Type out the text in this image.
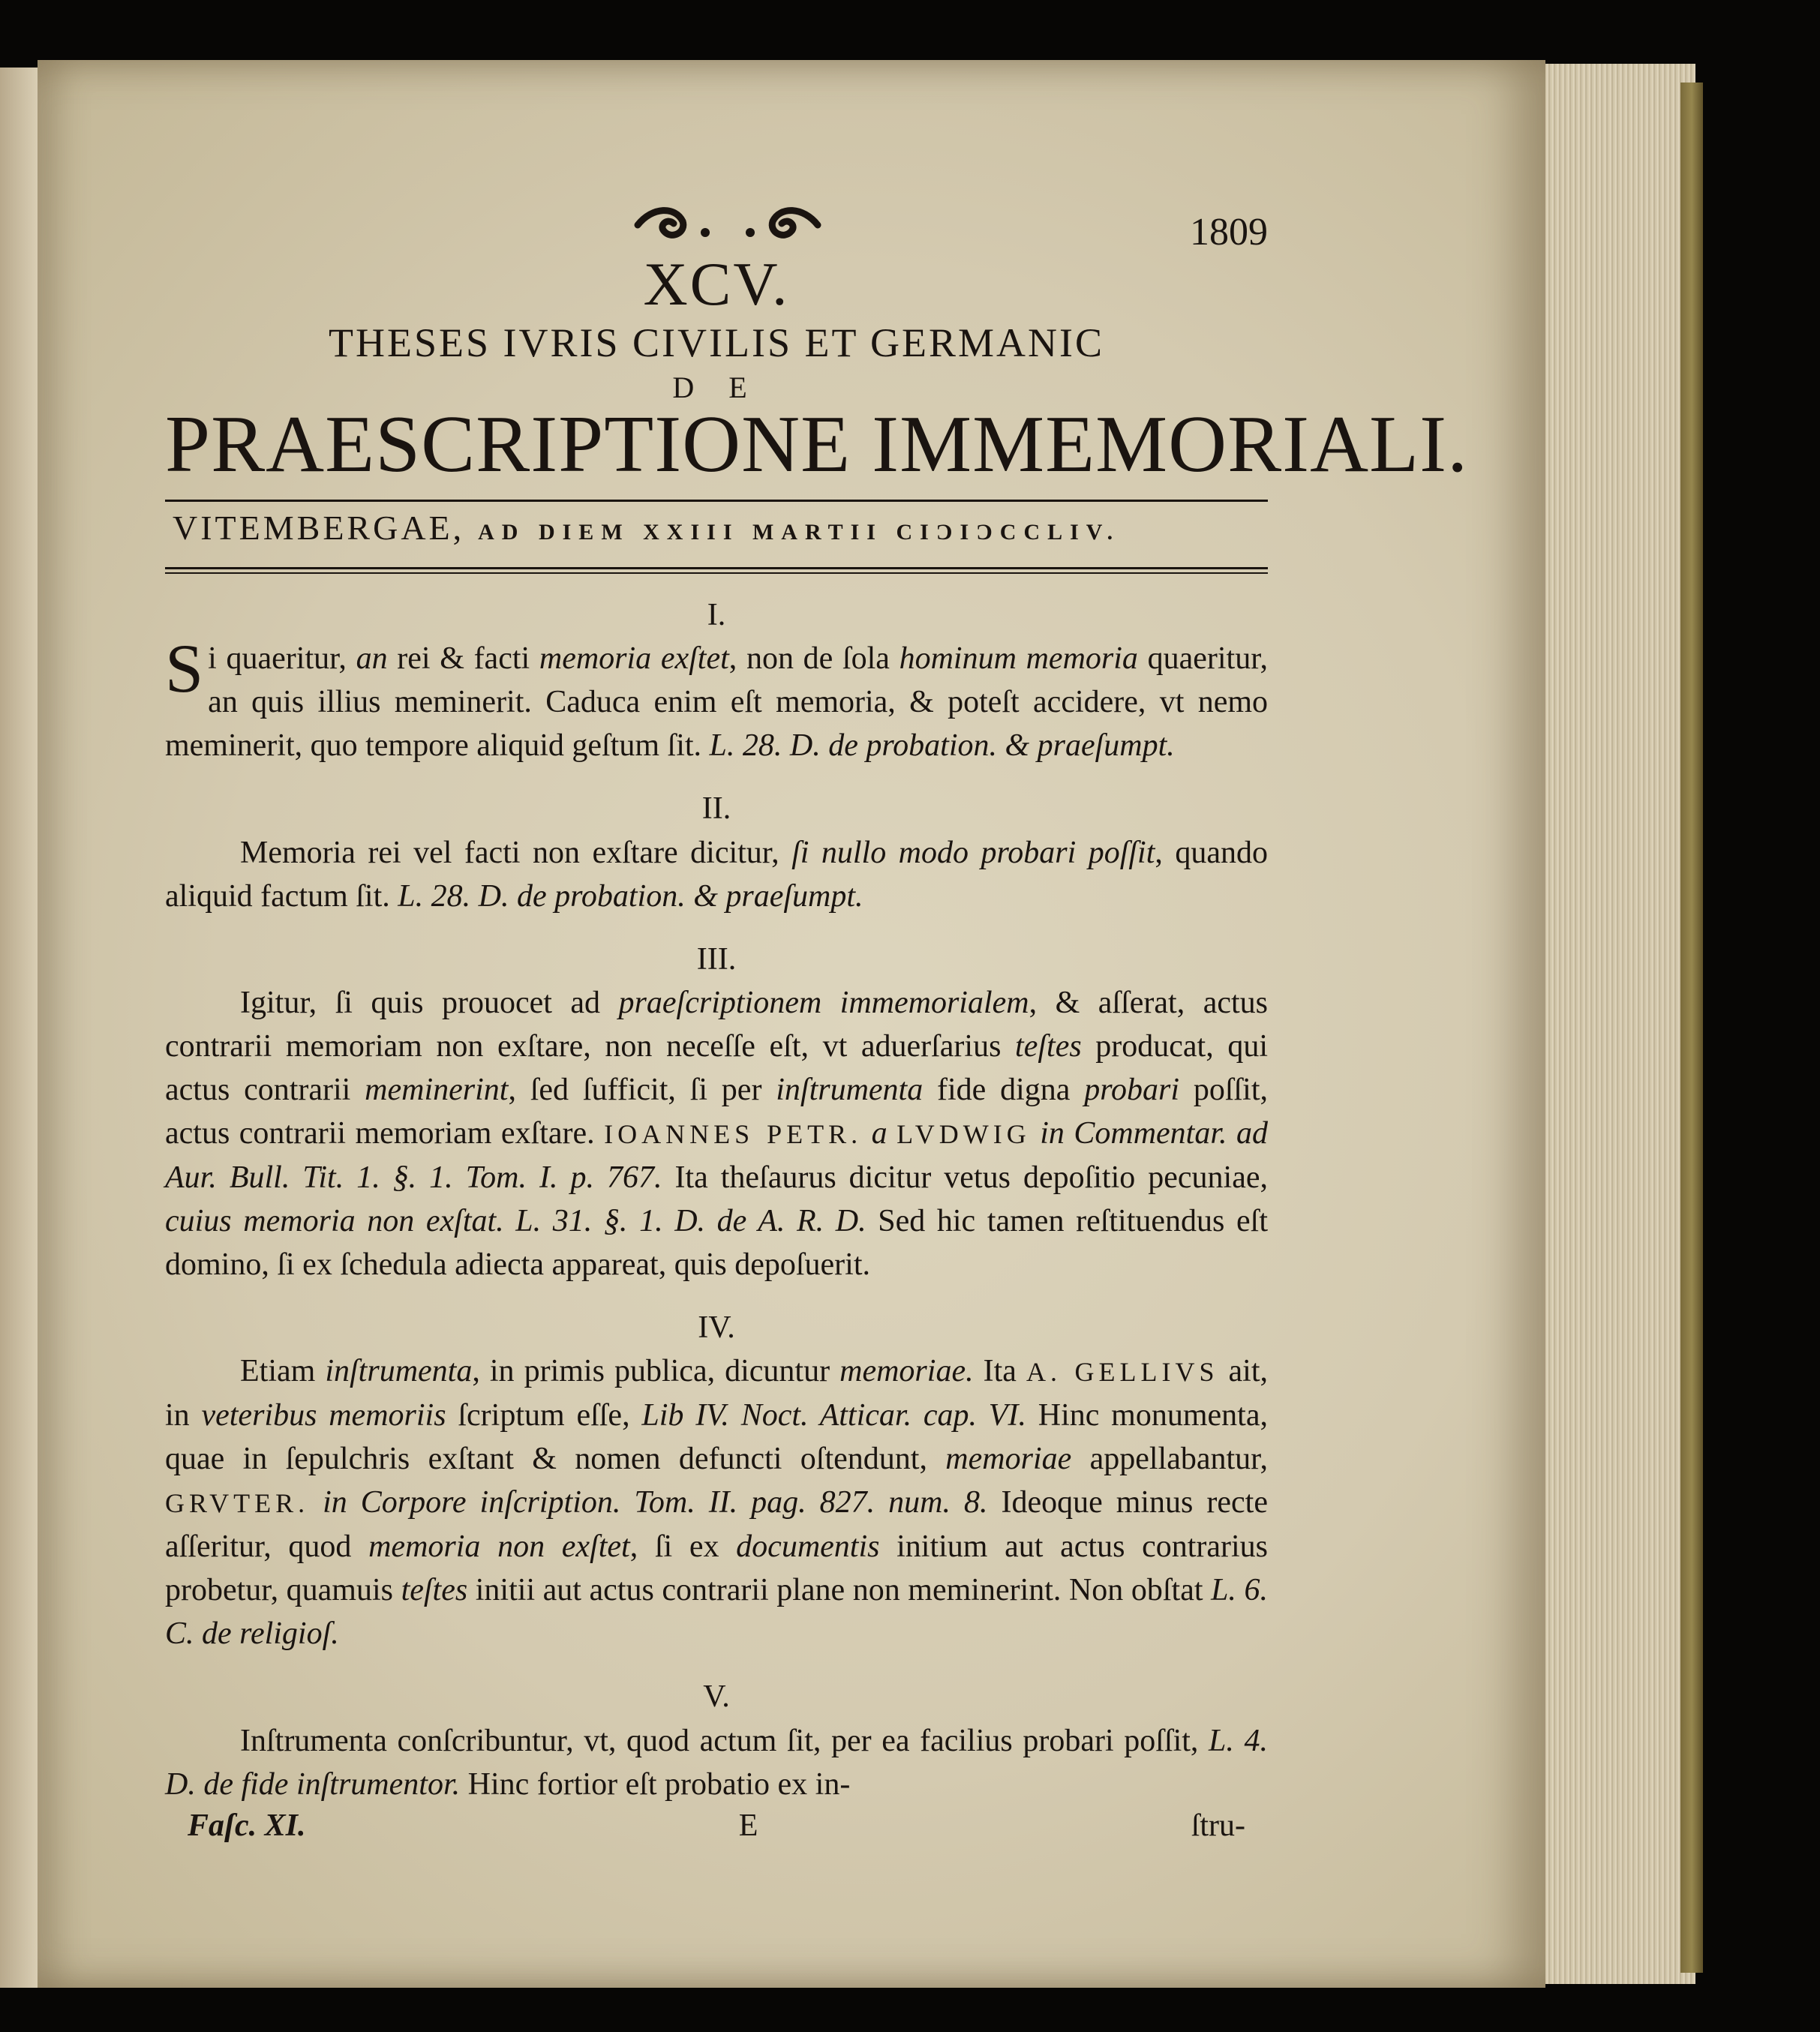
1809
XCV.
THESES IVRIS CIVILIS ET GERMANIC
D E
PRAESCRIPTIONE IMMEMORIALI.
VITEMBERGAE, AD DIEM XXIII MARTII CIƆIƆCCLIV.
I.

Si quaeritur, an rei & facti memoria exſtet, non de ſola hominum memoria quaeritur, an quis illius meminerit. Caduca enim eſt memoria, & poteſt accidere, vt nemo meminerit, quo tempore aliquid geſtum ſit. L. 28. D. de probation. & praeſumpt.

II.

Memoria rei vel facti non exſtare dicitur, ſi nullo modo probari poſſit, quando aliquid factum ſit. L. 28. D. de probation. & praeſumpt.

III.

Igitur, ſi quis prouocet ad praeſcriptionem immemorialem, & aſſerat, actus contrarii memoriam non exſtare, non neceſſe eſt, vt aduerſarius teſtes producat, qui actus contrarii meminerint, ſed ſufficit, ſi per inſtrumenta fide digna probari poſſit, actus contrarii memoriam exſtare. IOANNES PETR. a LVDWIG in Commentar. ad Aur. Bull. Tit. 1. §. 1. Tom. I. p. 767. Ita theſaurus dicitur vetus depoſitio pecuniae, cuius memoria non exſtat. L. 31. §. 1. D. de A. R. D. Sed hic tamen reſtituendus eſt domino, ſi ex ſchedula adiecta appareat, quis depoſuerit.

IV.

Etiam inſtrumenta, in primis publica, dicuntur memoriae. Ita A. GELLIVS ait, in veteribus memoriis ſcriptum eſſe, Lib IV. Noct. Atticar. cap. VI. Hinc monumenta, quae in ſepulchris exſtant & nomen defuncti oſtendunt, memoriae appellabantur, GRVTER. in Corpore inſcription. Tom. II. pag. 827. num. 8. Ideoque minus recte aſſeritur, quod memoria non exſtet, ſi ex documentis initium aut actus contrarius probetur, quamuis teſtes initii aut actus contrarii plane non meminerint. Non obſtat L. 6. C. de religioſ.

V.

Inſtrumenta conſcribuntur, vt, quod actum ſit, per ea facilius probari poſſit, L. 4. D. de fide inſtrumentor. Hinc fortior eſt probatio ex in-

Faſc. XI.	E	ſtru-
